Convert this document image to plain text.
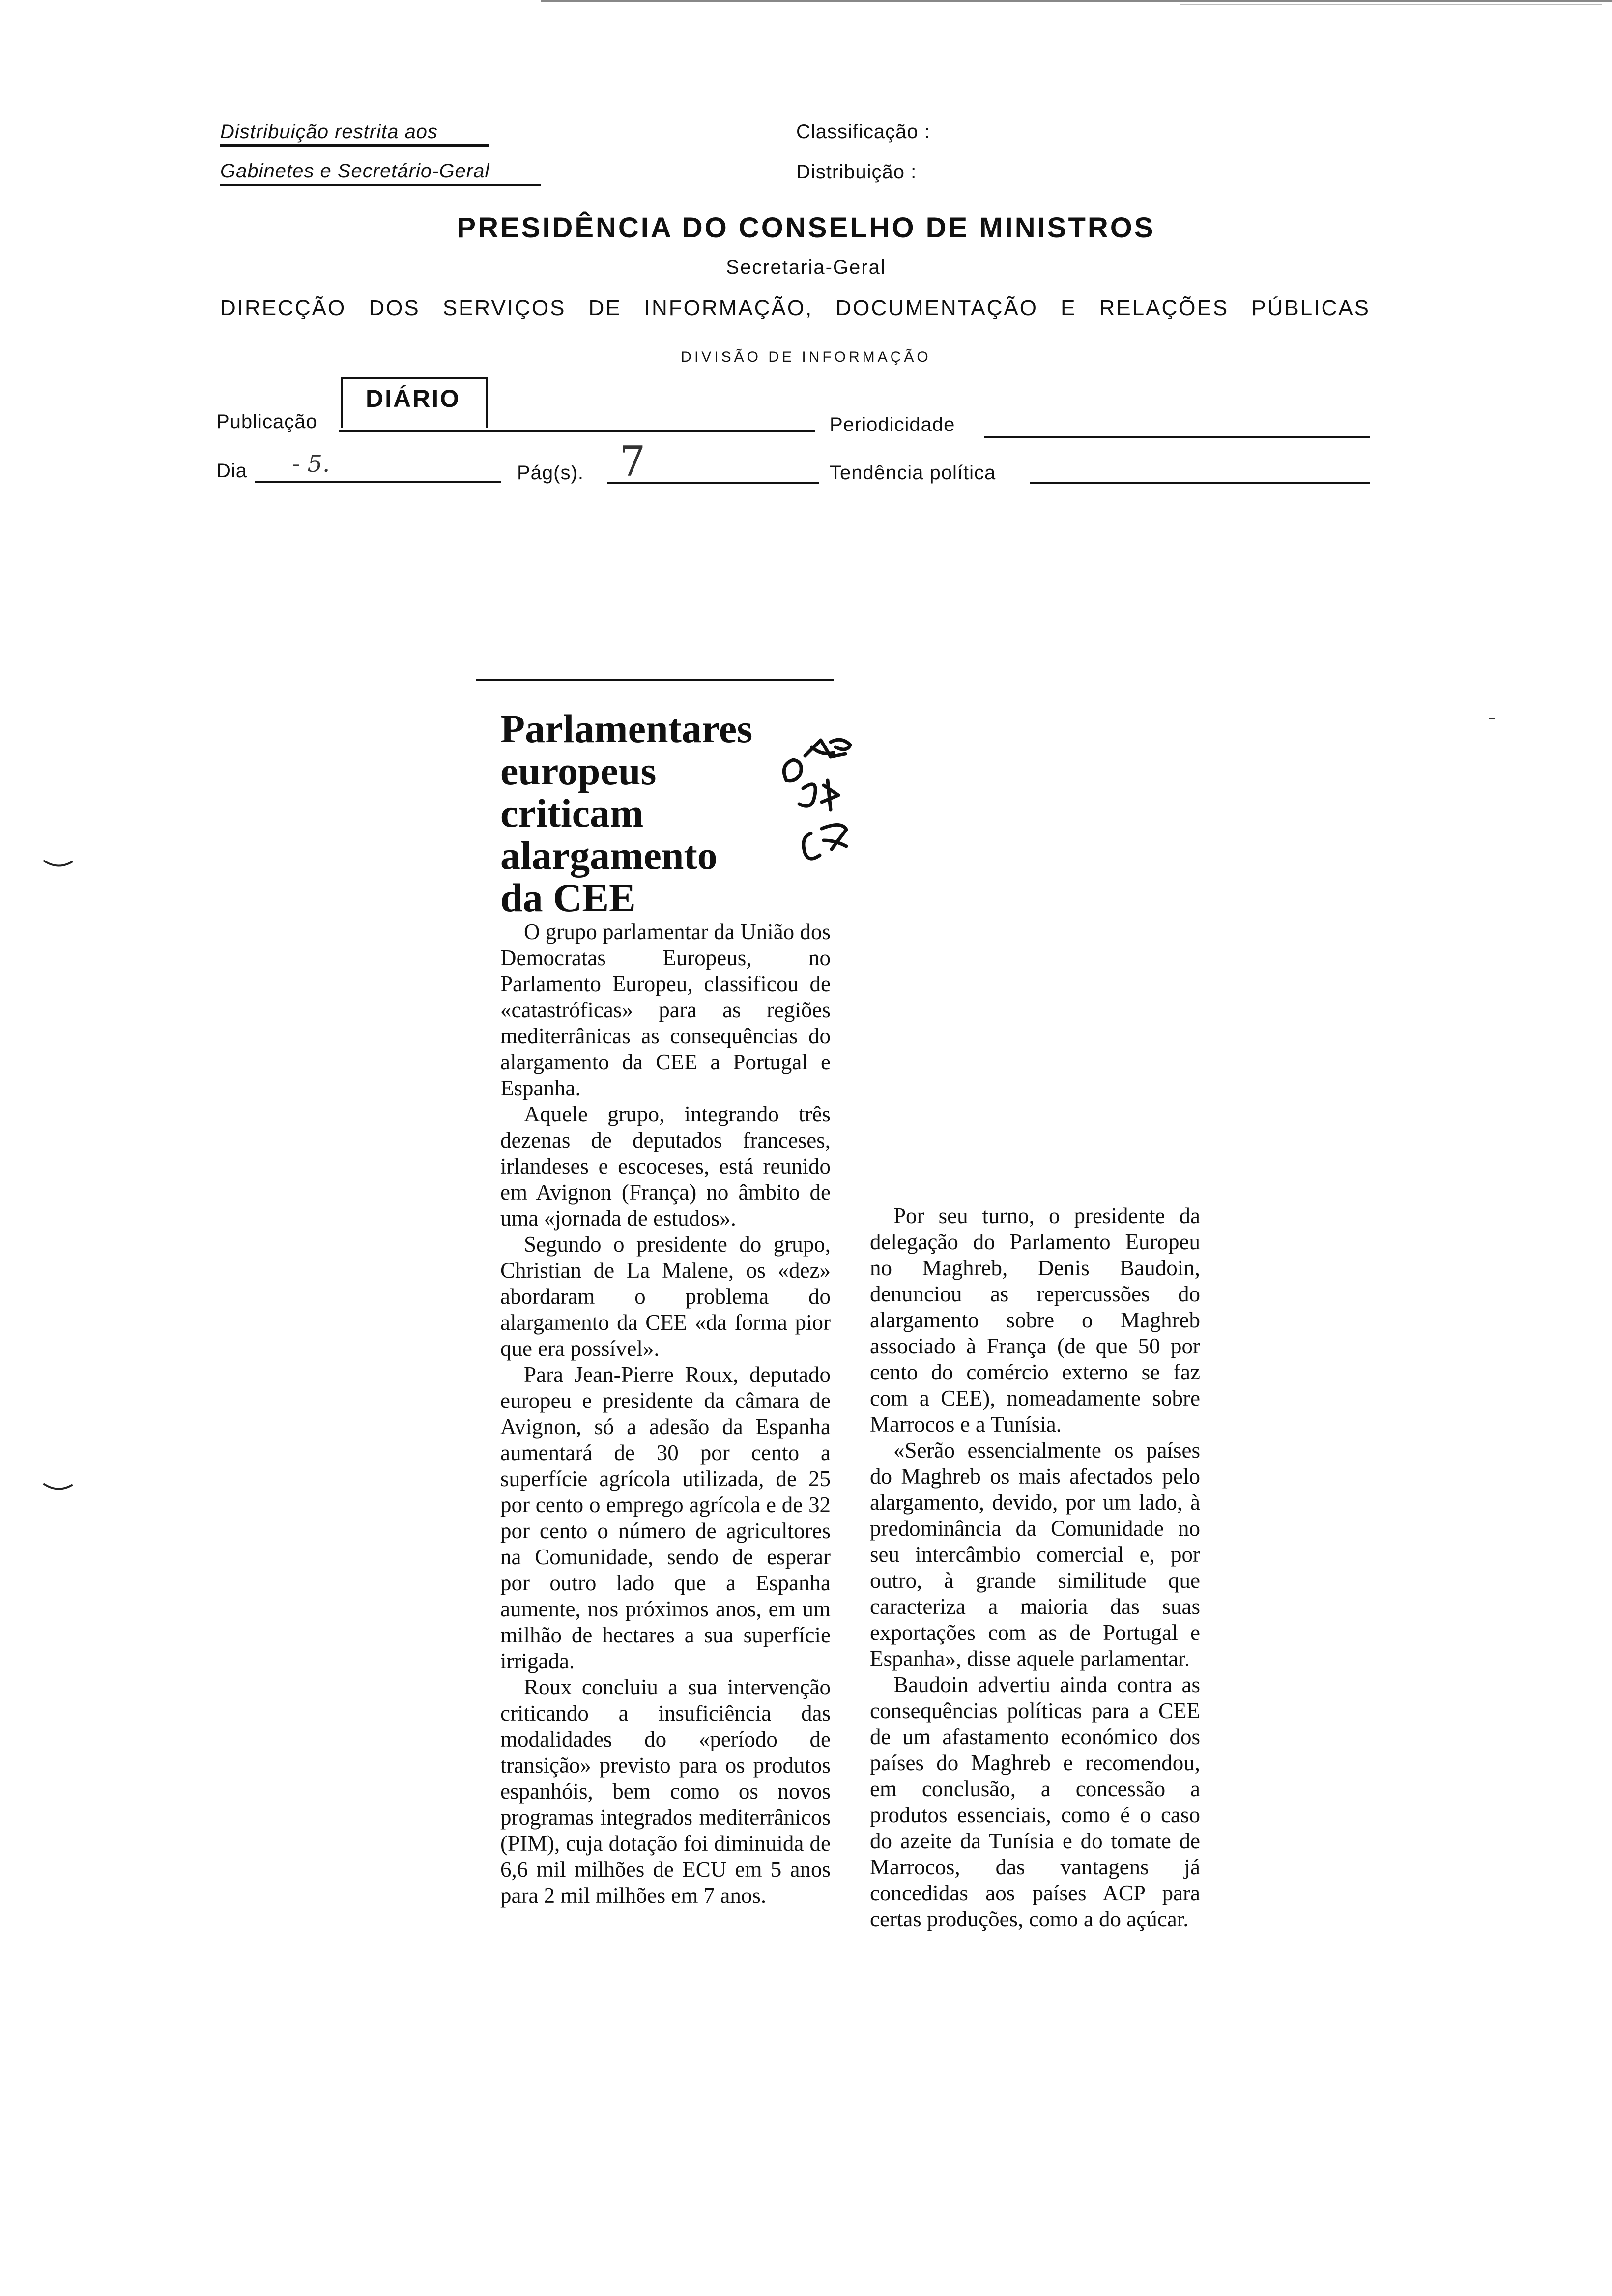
Distribuição restrita aos
Gabinetes e Secretário-Geral
Classificação :
Distribuição :
PRESIDÊNCIA DO CONSELHO DE MINISTROS
Secretaria-Geral
DIRECÇÃO DOS SERVIÇOS DE INFORMAÇÃO, DOCUMENTAÇÃO E RELAÇÕES PÚBLICAS
DIVISÃO DE INFORMAÇÃO
Publicação
DIÁRIO
Periodicidade
Dia - 5.	Pág(s). 7	Tendência política
Parlamentares
europeus
criticam
alargamento
da CEE

O grupo parlamentar da União dos Democratas Europeus, no Parlamento Europeu, classificou de «catastróficas» para as regiões mediterrânicas as consequências do alargamento da CEE a Portugal e Espanha.

Aquele grupo, integrando três dezenas de deputados franceses, irlandeses e escoceses, está reunido em Avignon (França) no âmbito de uma «jornada de estudos».

Segundo o presidente do grupo, Christian de La Malene, os «dez» abordaram o problema do alargamento da CEE «da forma pior que era possível».

Para Jean-Pierre Roux, deputado europeu e presidente da câmara de Avignon, só a adesão da Espanha aumentará de 30 por cento a superfície agrícola utilizada, de 25 por cento o emprego agrícola e de 32 por cento o número de agricultores na Comunidade, sendo de esperar por outro lado que a Espanha aumente, nos próximos anos, em um milhão de hectares a sua superfície irrigada.

Roux concluiu a sua intervenção criticando a insuficiência das modalidades do «período de transição» previsto para os produtos espanhóis, bem como os novos programas integrados mediterrânicos (PIM), cuja dotação foi diminuida de 6,6 mil milhões de ECU em 5 anos para 2 mil milhões em 7 anos.

Por seu turno, o presidente da delegação do Parlamento Europeu no Maghreb, Denis Baudoin, denunciou as repercussões do alargamento sobre o Maghreb associado à França (de que 50 por cento do comércio externo se faz com a CEE), nomeadamente sobre Marrocos e a Tunísia.

«Serão essencialmente os países do Maghreb os mais afectados pelo alargamento, devido, por um lado, à predominância da Comunidade no seu intercâmbio comercial e, por outro, à grande similitude que caracteriza a maioria das suas exportações com as de Portugal e Espanha», disse aquele parlamentar.

Baudoin advertiu ainda contra as consequências políticas para a CEE de um afastamento económico dos países do Maghreb e recomendou, em conclusão, a concessão a produtos essenciais, como é o caso do azeite da Tunísia e do tomate de Marrocos, das vantagens já concedidas aos países ACP para certas produções, como a do açúcar.
